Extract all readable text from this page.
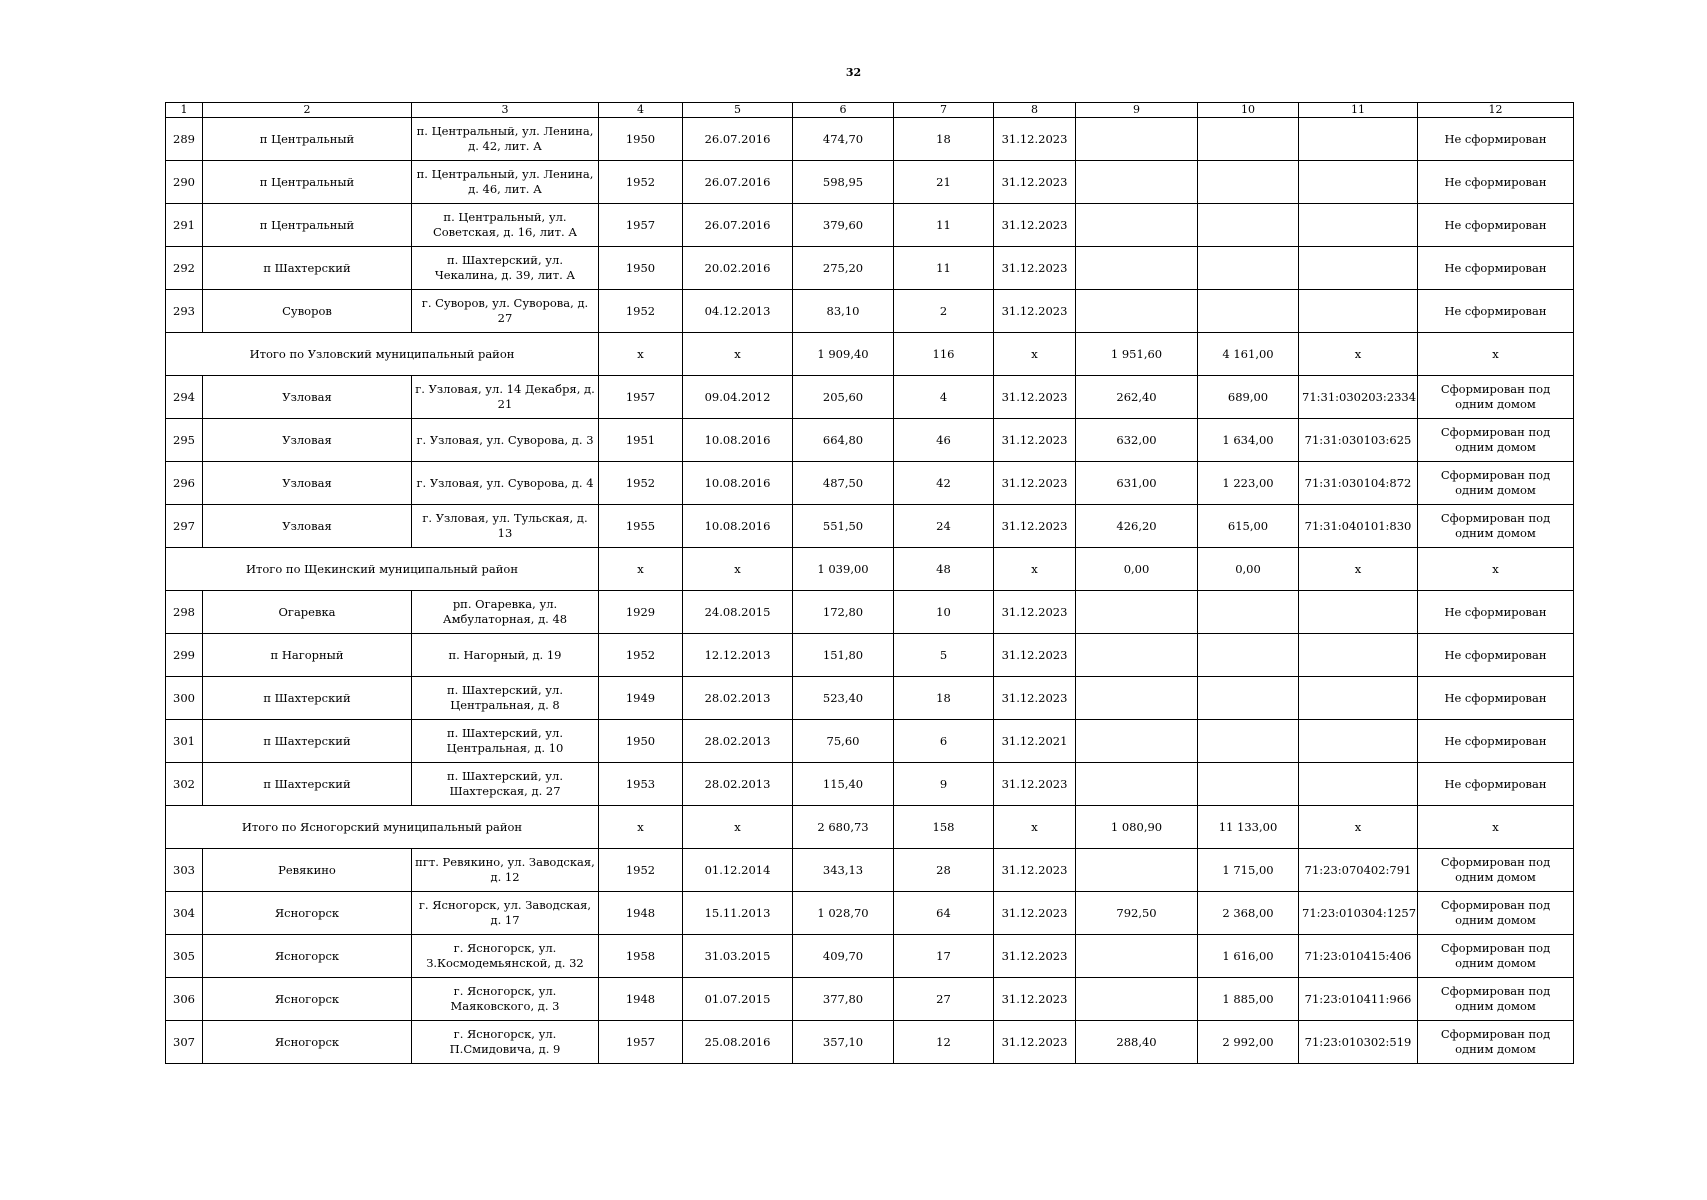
32
1	2	3	4	5	6	7	8	9	10	11	12
289	п Центральный	п. Центральный, ул. Ленина, д. 42, лит. А	1950	26.07.2016	474,70	18	31.12.2023				Не сформирован
290	п Центральный	п. Центральный, ул. Ленина, д. 46, лит. А	1952	26.07.2016	598,95	21	31.12.2023				Не сформирован
291	п Центральный	п. Центральный, ул. Советская, д. 16, лит. А	1957	26.07.2016	379,60	11	31.12.2023				Не сформирован
292	п Шахтерский	п. Шахтерский, ул. Чекалина, д. 39, лит. А	1950	20.02.2016	275,20	11	31.12.2023				Не сформирован
293	Суворов	г. Суворов, ул. Суворова, д. 27	1952	04.12.2013	83,10	2	31.12.2023				Не сформирован
Итого по Узловский муниципальный район			x	x	1 909,40	116	x	1 951,60	4 161,00	x	x
294	Узловая	г. Узловая, ул. 14 Декабря, д. 21	1957	09.04.2012	205,60	4	31.12.2023	262,40	689,00	71:31:030203:2334	Сформирован под одним домом
295	Узловая	г. Узловая, ул. Суворова, д. 3	1951	10.08.2016	664,80	46	31.12.2023	632,00	1 634,00	71:31:030103:625	Сформирован под одним домом
296	Узловая	г. Узловая, ул. Суворова, д. 4	1952	10.08.2016	487,50	42	31.12.2023	631,00	1 223,00	71:31:030104:872	Сформирован под одним домом
297	Узловая	г. Узловая, ул. Тульская, д. 13	1955	10.08.2016	551,50	24	31.12.2023	426,20	615,00	71:31:040101:830	Сформирован под одним домом
Итого по Щекинский муниципальный район			x	x	1 039,00	48	x	0,00	0,00	x	x
298	Огаревка	рп. Огаревка, ул. Амбулаторная, д. 48	1929	24.08.2015	172,80	10	31.12.2023				Не сформирован
299	п Нагорный	п. Нагорный, д. 19	1952	12.12.2013	151,80	5	31.12.2023				Не сформирован
300	п Шахтерский	п. Шахтерский, ул. Центральная, д. 8	1949	28.02.2013	523,40	18	31.12.2023				Не сформирован
301	п Шахтерский	п. Шахтерский, ул. Центральная, д. 10	1950	28.02.2013	75,60	6	31.12.2021				Не сформирован
302	п Шахтерский	п. Шахтерский, ул. Шахтерская, д. 27	1953	28.02.2013	115,40	9	31.12.2023				Не сформирован
Итого по Ясногорский муниципальный район			x	x	2 680,73	158	x	1 080,90	11 133,00	x	x
303	Ревякино	пгт. Ревякино, ул. Заводская, д. 12	1952	01.12.2014	343,13	28	31.12.2023		1 715,00	71:23:070402:791	Сформирован под одним домом
304	Ясногорск	г. Ясногорск, ул. Заводская, д. 17	1948	15.11.2013	1 028,70	64	31.12.2023	792,50	2 368,00	71:23:010304:1257	Сформирован под одним домом
305	Ясногорск	г. Ясногорск, ул. З.Космодемьянской, д. 32	1958	31.03.2015	409,70	17	31.12.2023		1 616,00	71:23:010415:406	Сформирован под одним домом
306	Ясногорск	г. Ясногорск, ул. Маяковского, д. 3	1948	01.07.2015	377,80	27	31.12.2023		1 885,00	71:23:010411:966	Сформирован под одним домом
307	Ясногорск	г. Ясногорск, ул. П.Смидовича, д. 9	1957	25.08.2016	357,10	12	31.12.2023	288,40	2 992,00	71:23:010302:519	Сформирован под одним домом
